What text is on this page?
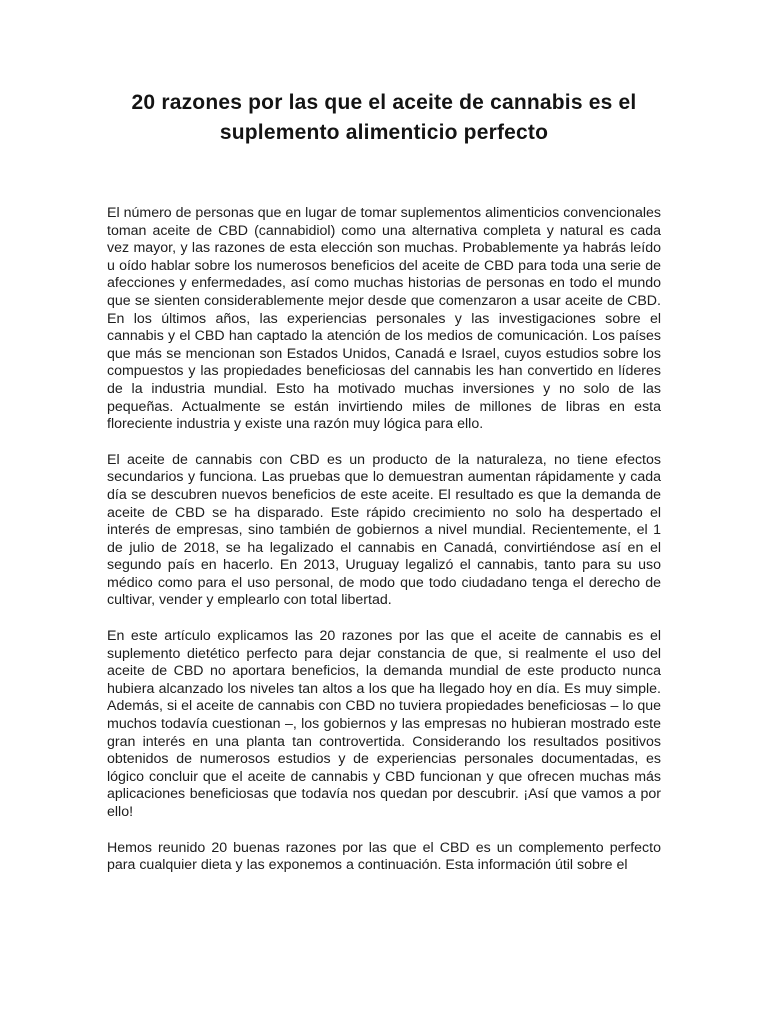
20 razones por las que el aceite de cannabis es el suplemento alimenticio perfecto

El número de personas que en lugar de tomar suplementos alimenticios convencionales toman aceite de CBD (cannabidiol) como una alternativa completa y natural es cada vez mayor, y las razones de esta elección son muchas. Probablemente ya habrás leído u oído hablar sobre los numerosos beneficios del aceite de CBD para toda una serie de afecciones y enfermedades, así como muchas historias de personas en todo el mundo que se sienten considerablemente mejor desde que comenzaron a usar aceite de CBD. En los últimos años, las experiencias personales y las investigaciones sobre el cannabis y el CBD han captado la atención de los medios de comunicación. Los países que más se mencionan son Estados Unidos, Canadá e Israel, cuyos estudios sobre los compuestos y las propiedades beneficiosas del cannabis les han convertido en líderes de la industria mundial. Esto ha motivado muchas inversiones y no solo de las pequeñas. Actualmente se están invirtiendo miles de millones de libras en esta floreciente industria y existe una razón muy lógica para ello.

El aceite de cannabis con CBD es un producto de la naturaleza, no tiene efectos secundarios y funciona. Las pruebas que lo demuestran aumentan rápidamente y cada día se descubren nuevos beneficios de este aceite. El resultado es que la demanda de aceite de CBD se ha disparado. Este rápido crecimiento no solo ha despertado el interés de empresas, sino también de gobiernos a nivel mundial. Recientemente, el 1 de julio de 2018, se ha legalizado el cannabis en Canadá, convirtiéndose así en el segundo país en hacerlo. En 2013, Uruguay legalizó el cannabis, tanto para su uso médico como para el uso personal, de modo que todo ciudadano tenga el derecho de cultivar, vender y emplearlo con total libertad.

En este artículo explicamos las 20 razones por las que el aceite de cannabis es el suplemento dietético perfecto para dejar constancia de que, si realmente el uso del aceite de CBD no aportara beneficios, la demanda mundial de este producto nunca hubiera alcanzado los niveles tan altos a los que ha llegado hoy en día. Es muy simple. Además, si el aceite de cannabis con CBD no tuviera propiedades beneficiosas – lo que muchos todavía cuestionan –, los gobiernos y las empresas no hubieran mostrado este gran interés en una planta tan controvertida. Considerando los resultados positivos obtenidos de numerosos estudios y de experiencias personales documentadas, es lógico concluir que el aceite de cannabis y CBD funcionan y que ofrecen muchas más aplicaciones beneficiosas que todavía nos quedan por descubrir. ¡Así que vamos a por ello!

Hemos reunido 20 buenas razones por las que el CBD es un complemento perfecto para cualquier dieta y las exponemos a continuación. Esta información útil sobre el
